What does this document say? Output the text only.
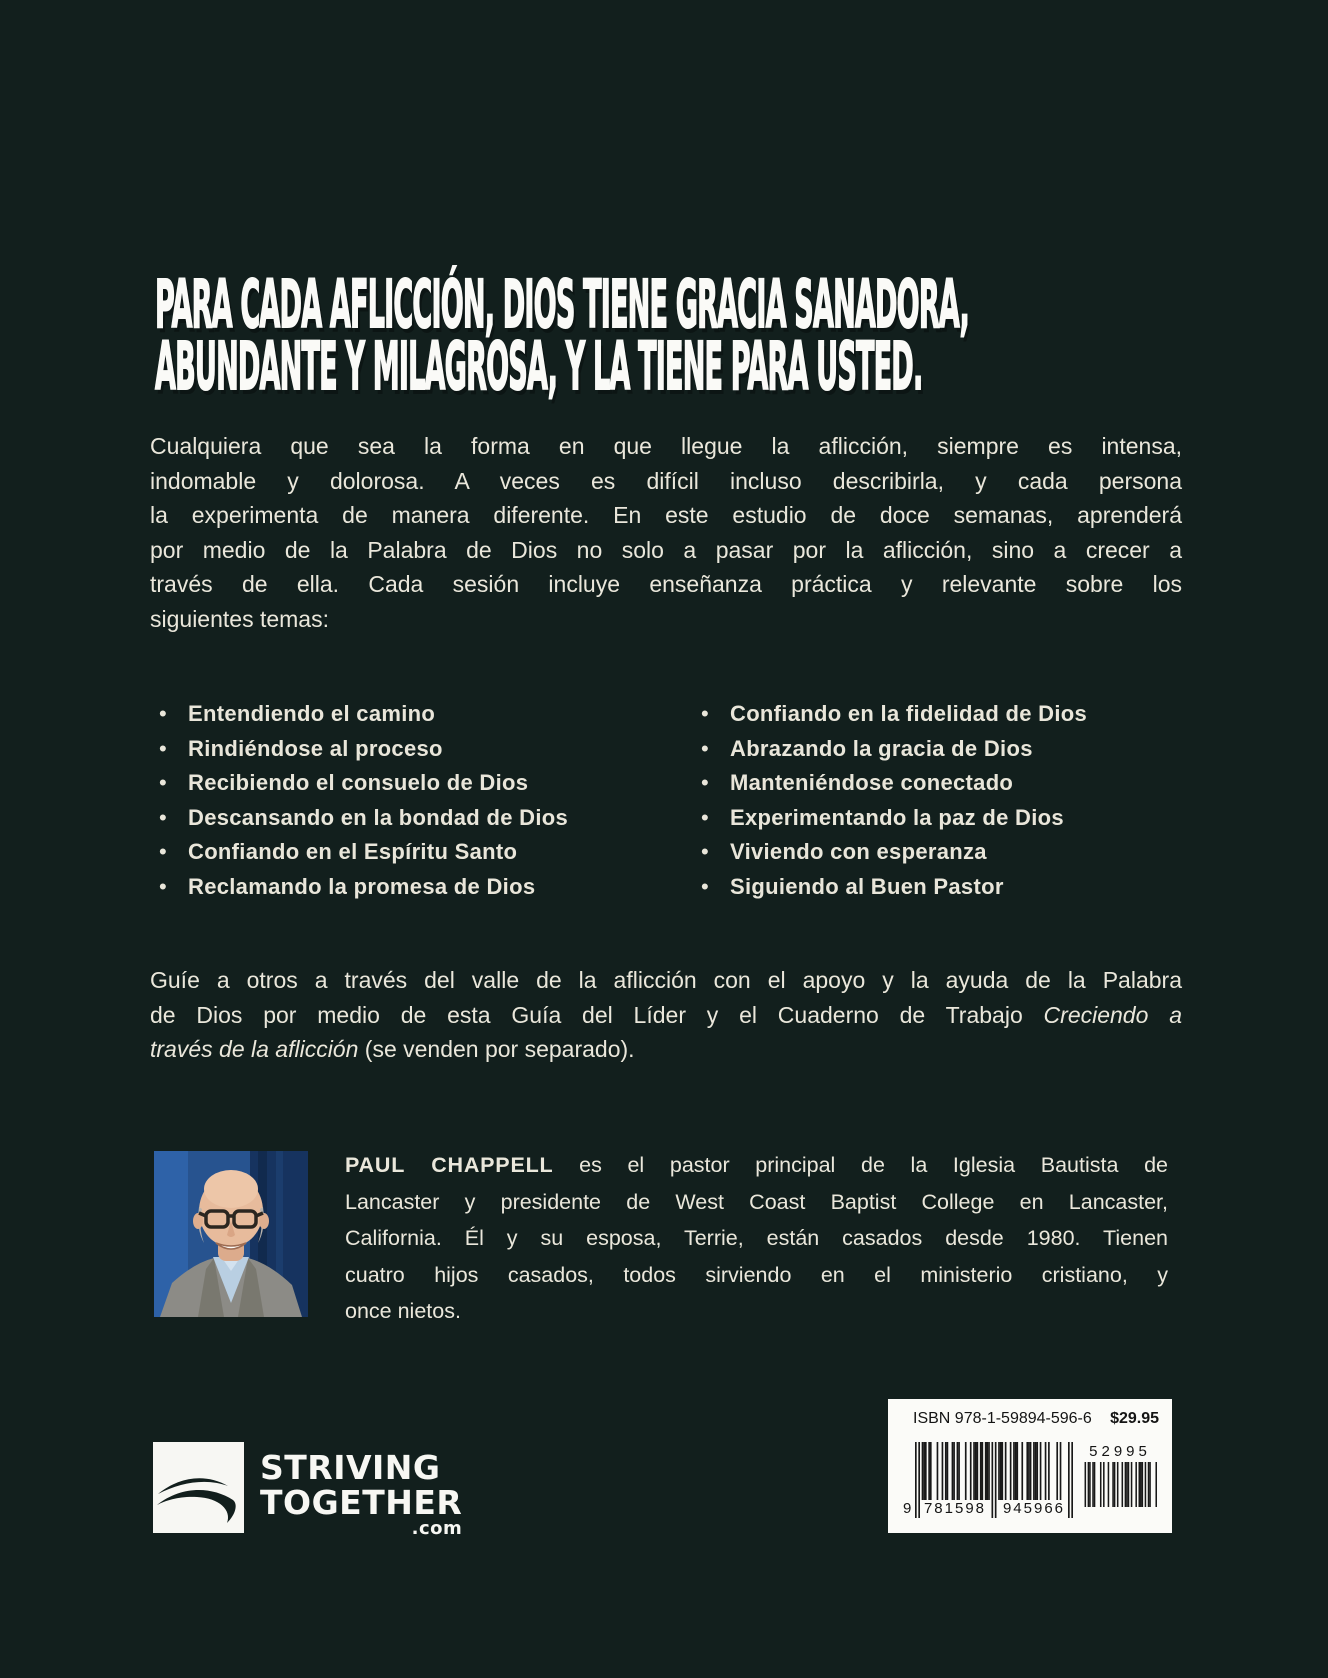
PARA CADA AFLICCIÓN, DIOS TIENE GRACIA SANADORA,
ABUNDANTE Y MILAGROSA, Y LA TIENE PARA USTED.
Cualquiera que sea la forma en que llegue la aflicción, siempre es intensa,
indomable y dolorosa. A veces es difícil incluso describirla, y cada persona
la experimenta de manera diferente. En este estudio de doce semanas, aprenderá
por medio de la Palabra de Dios no solo a pasar por la aflicción, sino a crecer a
través de ella. Cada sesión incluye enseñanza práctica y relevante sobre los
siguientes temas:
• Entendiendo el camino
• Rindiéndose al proceso
• Recibiendo el consuelo de Dios
• Descansando en la bondad de Dios
• Confiando en el Espíritu Santo
• Reclamando la promesa de Dios
• Confiando en la fidelidad de Dios
• Abrazando la gracia de Dios
• Manteniéndose conectado
• Experimentando la paz de Dios
• Viviendo con esperanza
• Siguiendo al Buen Pastor
Guíe a otros a través del valle de la aflicción con el apoyo y la ayuda de la Palabra
de Dios por medio de esta Guía del Líder y el Cuaderno de Trabajo Creciendo a
través de la aflicción (se venden por separado).
PAUL CHAPPELL es el pastor principal de la Iglesia Bautista de
Lancaster y presidente de West Coast Baptist College en Lancaster,
California. Él y su esposa, Terrie, están casados desde 1980. Tienen
cuatro hijos casados, todos sirviendo en el ministerio cristiano, y
once nietos.
STRIVING
TOGETHER
.com
ISBN 978-1-59894-596-6 $29.95
9 781598 945966
52995
